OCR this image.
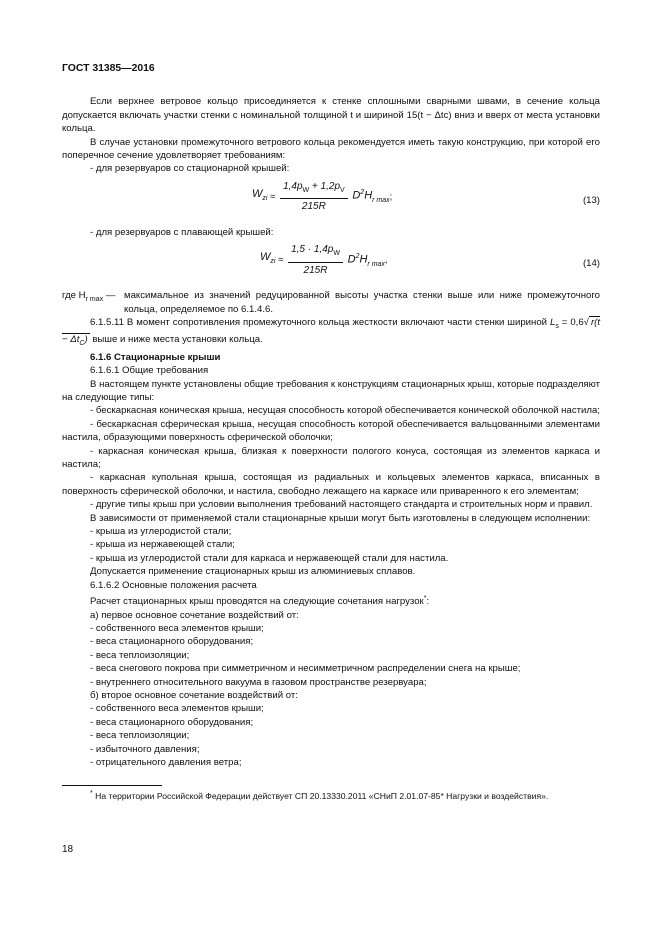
ГОСТ 31385—2016

Если верхнее ветровое кольцо присоединяется к стенке сплошными сварными швами, в сечение кольца допускается включать участки стенки с номинальной толщиной t и шириной 15(t − Δtc) вниз и вверх от места установки кольца.

В случае установки промежуточного ветрового кольца рекомендуется иметь такую конструкцию, при которой его поперечное сечение удовлетворяет требованиям:

- для резервуаров со стационарной крышей:

$W_{zi} \approx \frac{1,4p_W + 1,2p_V}{215R} D^2H_{r max}$;	(13)

- для резервуаров с плавающей крышей:

$W_{zi} \approx \frac{1,5 \cdot 1,4p_W}{215R} D^2H_{r max}$,	(14)
где $H_{r max}$ — максимальное из значений редуцированной высоты участка стенки выше или ниже промежуточного кольца, определяемое по 6.1.4.6.

6.1.5.11 В момент сопротивления промежуточного кольца жесткости включают части стенки шириной $L_s = 0,6√$ $r(t - \Delta t_C)$ выше и ниже места установки кольца.

6.1.6 Стационарные крыши

6.1.6.1 Общие требования

В настоящем пункте установлены общие требования к конструкциям стационарных крыш, которые подразделяют на следующие типы:

- бескаркасная коническая крыша, несущая способность которой обеспечивается конической оболочкой настила;

- бескаркасная сферическая крыша, несущая способность которой обеспечивается вальцованными элементами настила, образующими поверхность сферической оболочки;

- каркасная коническая крыша, близкая к поверхности пологого конуса, состоящая из элементов каркаса и настила;

- каркасная купольная крыша, состоящая из радиальных и кольцевых элементов каркаса, вписанных в поверхность сферической оболочки, и настила, свободно лежащего на каркасе или приваренного к его элементам;

- другие типы крыш при условии выполнения требований настоящего стандарта и строительных норм и правил.

В зависимости от применяемой стали стационарные крыши могут быть изготовлены в следующем исполнении:

- крыша из углеродистой стали;

- крыша из нержавеющей стали;

- крыша из углеродистой стали для каркаса и нержавеющей стали для настила.

Допускается применение стационарных крыш из алюминиевых сплавов.

6.1.6.2 Основные положения расчета

Расчет стационарных крыш проводятся на следующие сочетания нагрузок*:

а) первое основное сочетание воздействий от:

- собственного веса элементов крыши;

- веса стационарного оборудования;

- веса теплоизоляции;

- веса снегового покрова при симметричном и несимметричном распределении снега на крыше;

- внутреннего относительного вакуума в газовом пространстве резервуара;

б) второе основное сочетание воздействий от:

- собственного веса элементов крыши;

- веса стационарного оборудования;

- веса теплоизоляции;

- избыточного давления;

- отрицательного давления ветра;

* На территории Российской Федерации действует СП 20.13330.2011 «СНиП 2.01.07-85* Нагрузки и воздействия».

18
